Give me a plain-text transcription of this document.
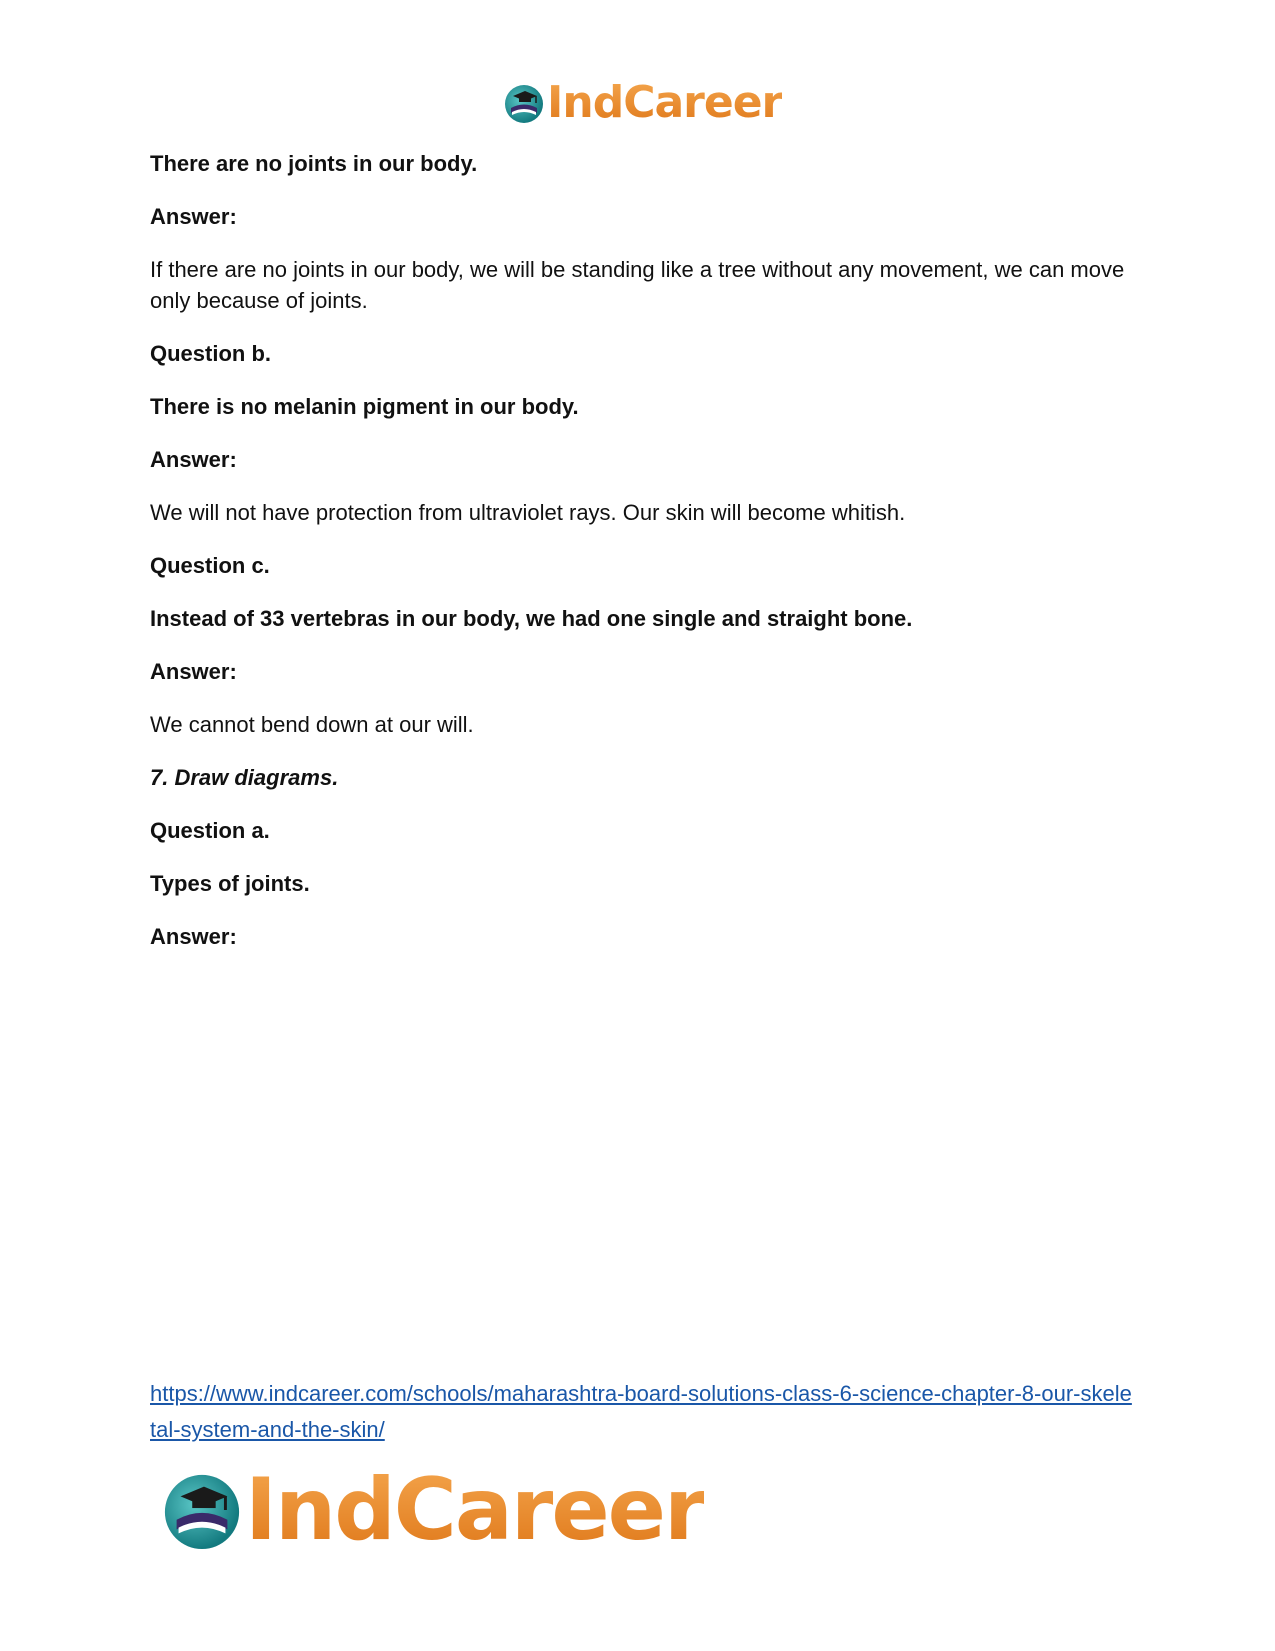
IndCareer

There are no joints in our body.

Answer:

If there are no joints in our body, we will be standing like a tree without any movement, we can move only because of joints.

Question b.

There is no melanin pigment in our body.

Answer:

We will not have protection from ultraviolet rays. Our skin will become whitish.

Question c.

Instead of 33 vertebras in our body, we had one single and straight bone.

Answer:

We cannot bend down at our will.

7. Draw diagrams.

Question a.

Types of joints.

Answer:

https://www.indcareer.com/schools/maharashtra-board-solutions-class-6-science-chapter-8-our-skeletal-system-and-the-skin/
IndCareer
